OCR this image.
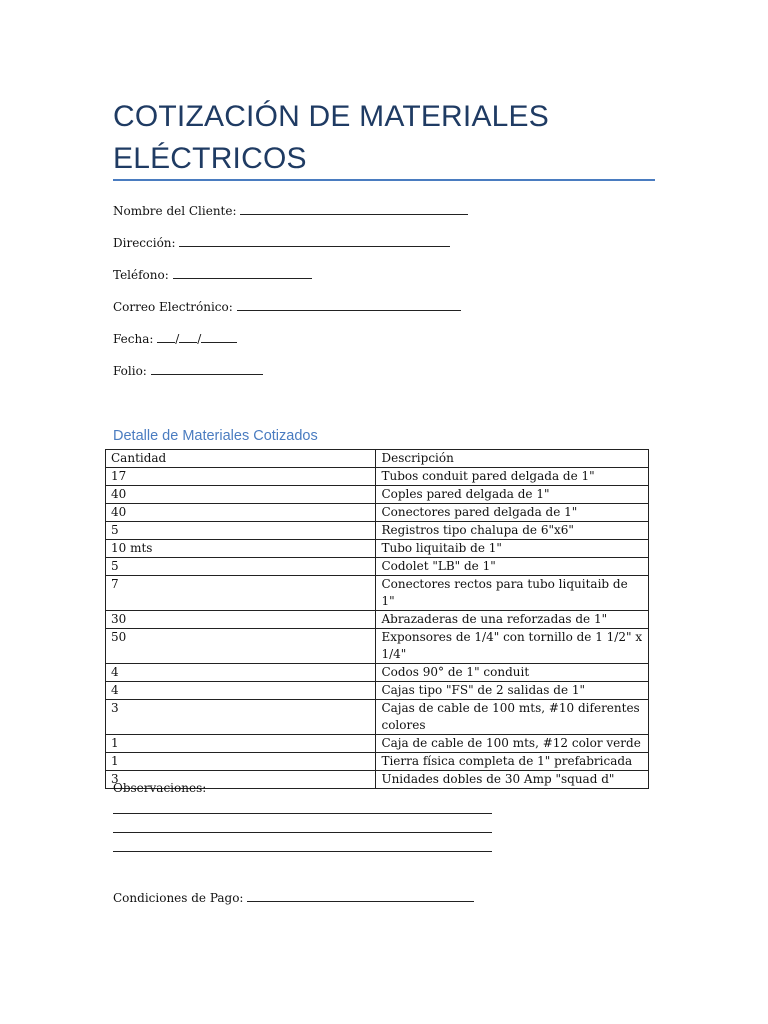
COTIZACIÓN DE MATERIALES
ELÉCTRICOS
Nombre del Cliente:
Dirección:
Teléfono:
Correo Electrónico:
Fecha: / /
Folio:
Detalle de Materiales Cotizados
Cantidad	Descripción
17	Tubos conduit pared delgada de 1"
40	Coples pared delgada de 1"
40	Conectores pared delgada de 1"
5	Registros tipo chalupa de 6"x6"
10 mts	Tubo liquitaib de 1"
5	Codolet "LB" de 1"
7	Conectores rectos para tubo liquitaib de 1"
30	Abrazaderas de una reforzadas de 1"
50	Exponsores de 1/4" con tornillo de 1 1/2" x 1/4"
4	Codos 90° de 1" conduit
4	Cajas tipo "FS" de 2 salidas de 1"
3	Cajas de cable de 100 mts, #10 diferentes colores
1	Caja de cable de 100 mts, #12 color verde
1	Tierra física completa de 1" prefabricada
3	Unidades dobles de 30 Amp "squad d"
Observaciones:
Condiciones de Pago:
